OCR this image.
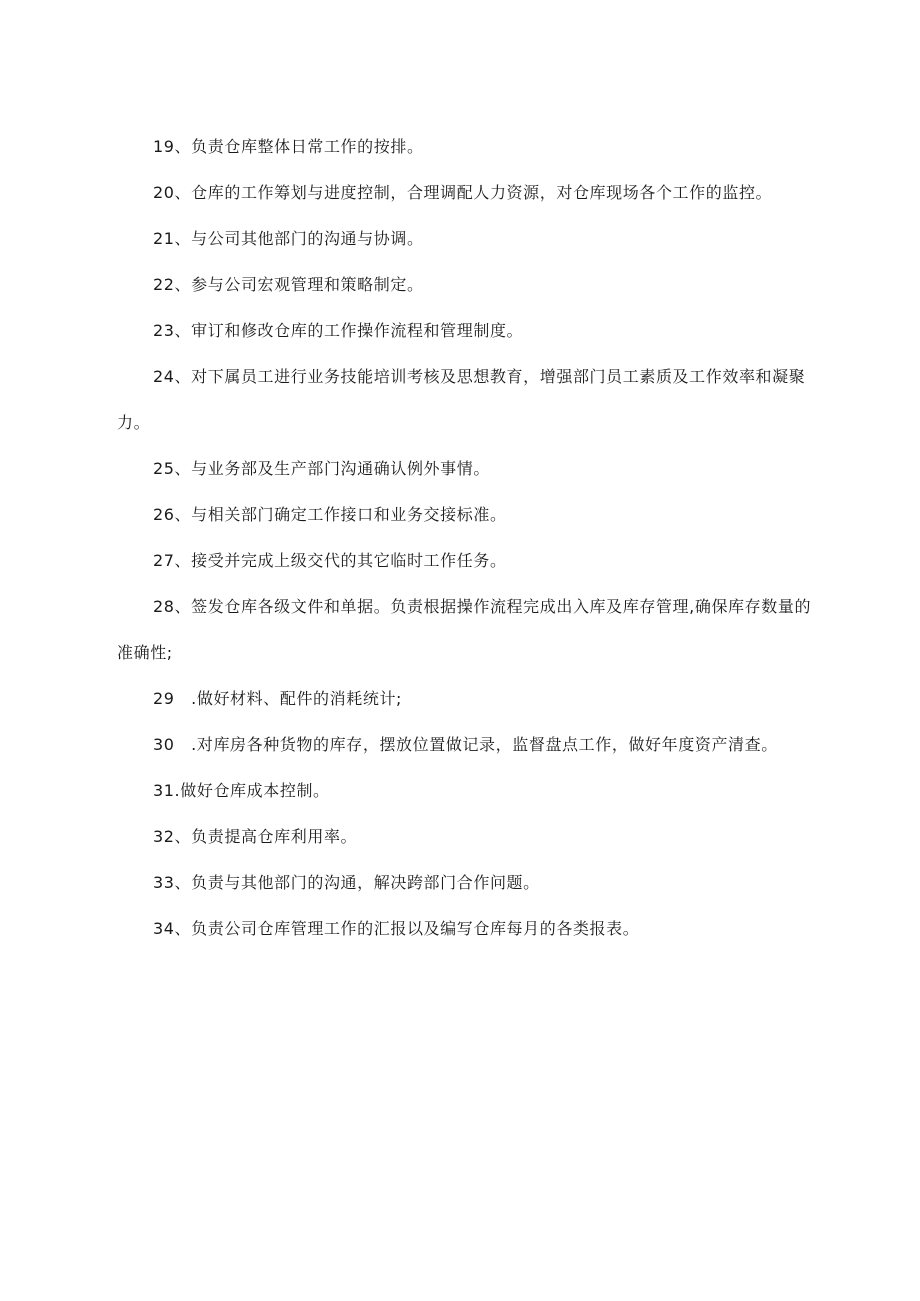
19、负责仓库整体日常工作的按排。

20、仓库的工作筹划与进度控制，合理调配人力资源，对仓库现场各个工作的监控。

21、与公司其他部门的沟通与协调。

22、参与公司宏观管理和策略制定。

23、审订和修改仓库的工作操作流程和管理制度。

24、对下属员工进行业务技能培训考核及思想教育，增强部门员工素质及工作效率和凝聚力。

25、与业务部及生产部门沟通确认例外事情。

26、与相关部门确定工作接口和业务交接标准。

27、接受并完成上级交代的其它临时工作任务。

28、签发仓库各级文件和单据。负责根据操作流程完成出入库及库存管理,确保库存数量的准确性;

29　.做好材料、配件的消耗统计;

30　.对库房各种货物的库存，摆放位置做记录，监督盘点工作，做好年度资产清查。

31.做好仓库成本控制。

32、负责提高仓库利用率。

33、负责与其他部门的沟通，解决跨部门合作问题。

34、负责公司仓库管理工作的汇报以及编写仓库每月的各类报表。
